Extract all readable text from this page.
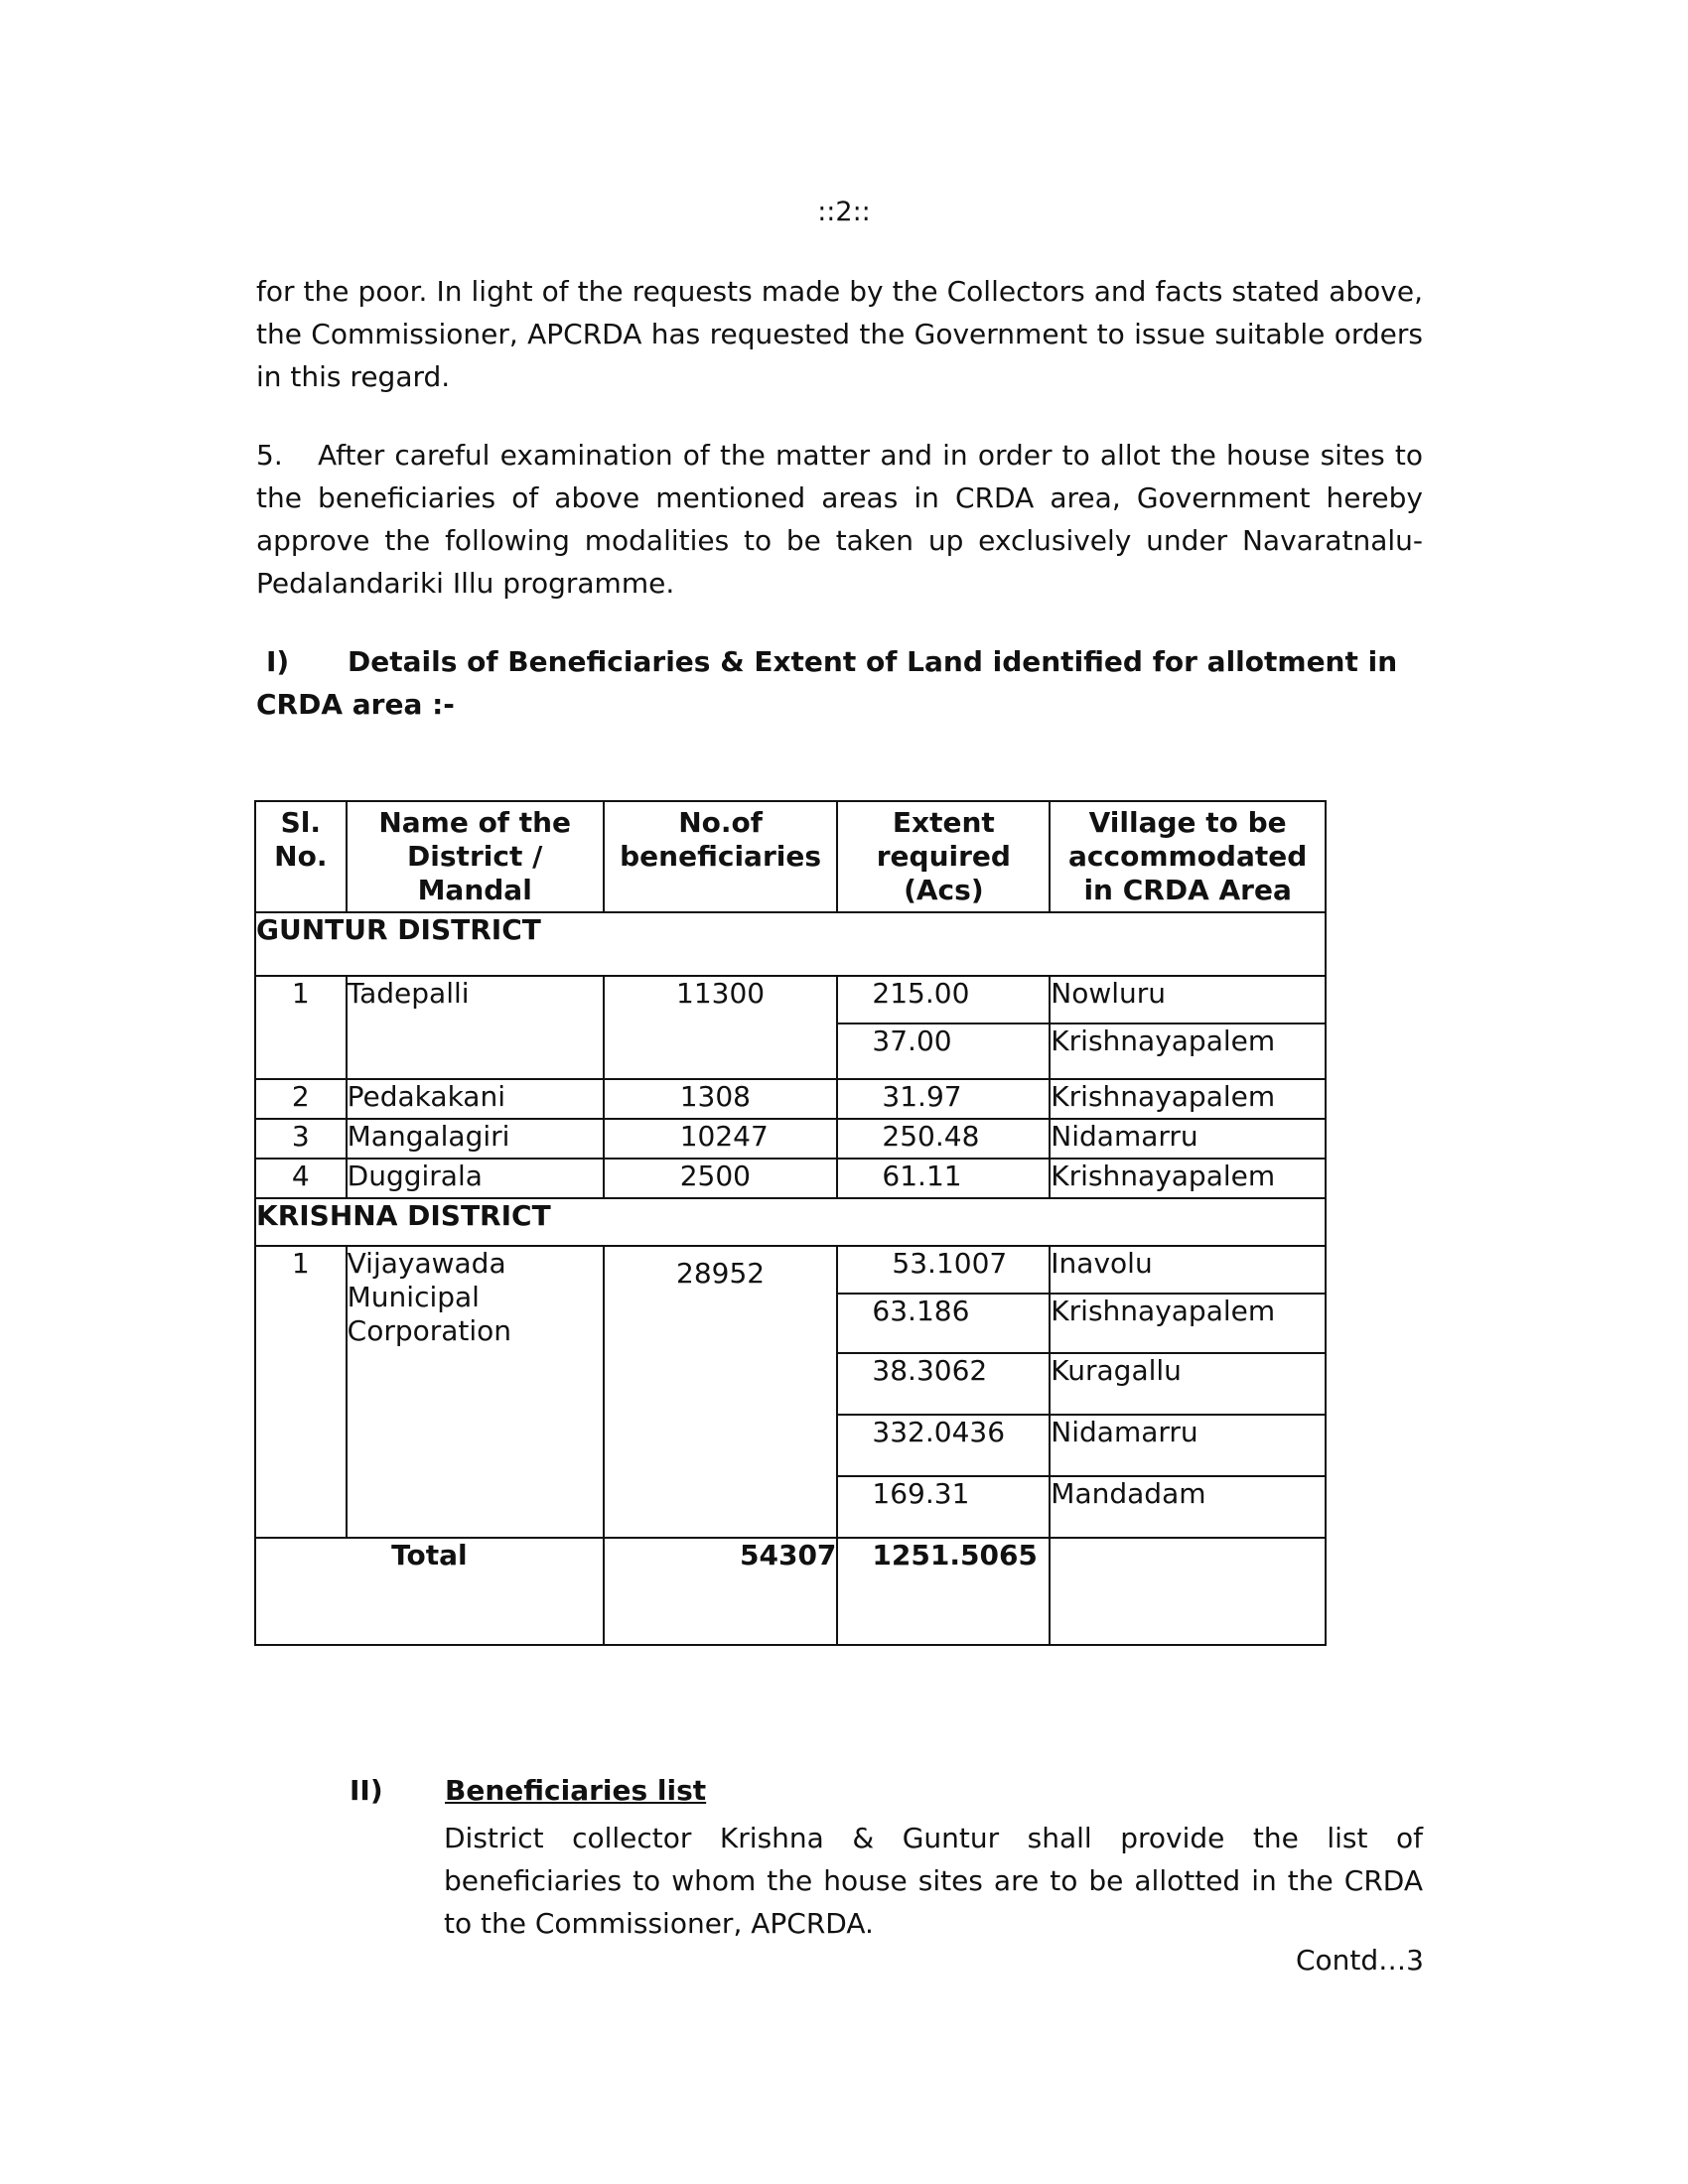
::2::

for the poor. In light of the requests made by the Collectors and facts stated above, the Commissioner, APCRDA has requested the Government to issue suitable orders in this regard.

5. After careful examination of the matter and in order to allot the house sites to the beneficiaries of above mentioned areas in CRDA area, Government hereby approve the following modalities to be taken up exclusively under Navaratnalu-Pedalandariki Illu programme.

I) Details of Beneficiaries & Extent of Land identified for allotment in CRDA area :-

Sl. No.	Name of the District / Mandal	No.of beneficiaries	Extent required (Acs)	Village to be accommodated in CRDA Area
GUNTUR DISTRICT				
1	Tadepalli	11300	215.00	Nowluru
			37.00	Krishnayapalem
2	Pedakakani	1308	31.97	Krishnayapalem
3	Mangalagiri	10247	250.48	Nidamarru
4	Duggirala	2500	61.11	Krishnayapalem
KRISHNA DISTRICT				
1	Vijayawada Municipal Corporation	28952	53.1007	Inavolu
			63.186	Krishnayapalem
			38.3062	Kuragallu
			332.0436	Nidamarru
			169.31	Mandadam
Total		54307	1251.5065	
II) Beneficiaries list

District collector Krishna & Guntur shall provide the list of beneficiaries to whom the house sites are to be allotted in the CRDA to the Commissioner, APCRDA.

Contd…3
